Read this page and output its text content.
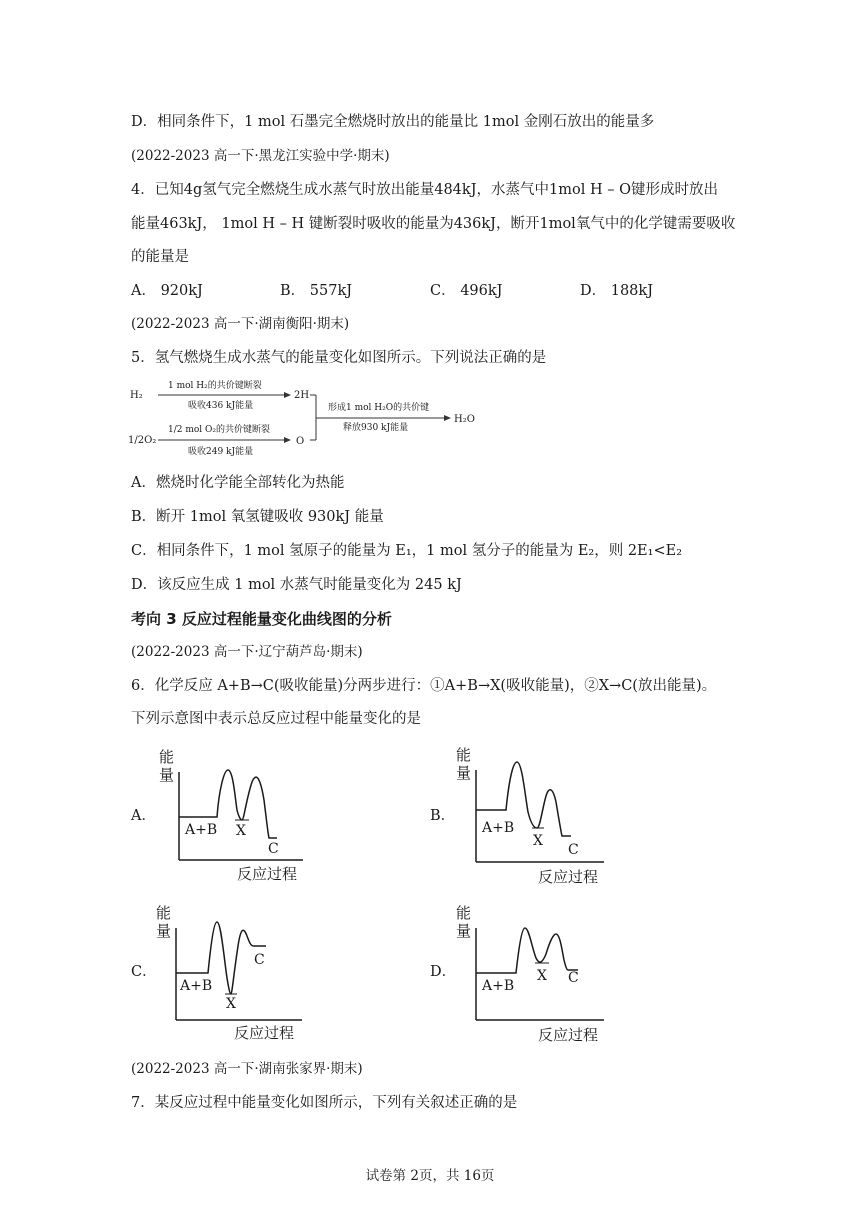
D．相同条件下，1 mol 石墨完全燃烧时放出的能量比 1mol 金刚石放出的能量多
(2022-2023 高一下·黑龙江实验中学·期末)
4．已知4g氢气完全燃烧生成水蒸气时放出能量484kJ，水蒸气中1mol H – O键形成时放出
能量463kJ， 1mol H – H 键断裂时吸收的能量为436kJ，断开1mol氧气中的化学键需要吸收
的能量是
A． 920kJ	B． 557kJ	C． 496kJ	D． 188kJ
(2022-2023 高一下·湖南衡阳·期末)
5．氢气燃烧生成水蒸气的能量变化如图所示。下列说法正确的是
H₂
1 mol H₂的共价键断裂
吸收436 kJ能量
2H
1/2O₂
1/2 mol O₂的共价键断裂
吸收249 kJ能量
O
形成1 mol H₂O的共价键
释放930 kJ能量
H₂O
A．燃烧时化学能全部转化为热能
B．断开 1mol 氧氢键吸收 930kJ 能量
C．相同条件下，1 mol 氢原子的能量为 E₁，1 mol 氢分子的能量为 E₂，则 2E₁<E₂
D．该反应生成 1 mol 水蒸气时能量变化为 245 kJ
考向 3 反应过程能量变化曲线图的分析
(2022-2023 高一下·辽宁葫芦岛·期末)
6．化学反应 A+B→C(吸收能量)分两步进行：①A+B→X(吸收能量)，②X→C(放出能量)。
下列示意图中表示总反应过程中能量变化的是
A．	B．
C．	D．
能
量
A+B X
C
反应过程
能
量
A+B
X
C
反应过程
能
量
A+B
X
C
反应过程
能
量
A+B
X C
反应过程
(2022-2023 高一下·湖南张家界·期末)
7．某反应过程中能量变化如图所示，下列有关叙述正确的是
试卷第 2页，共 16页
